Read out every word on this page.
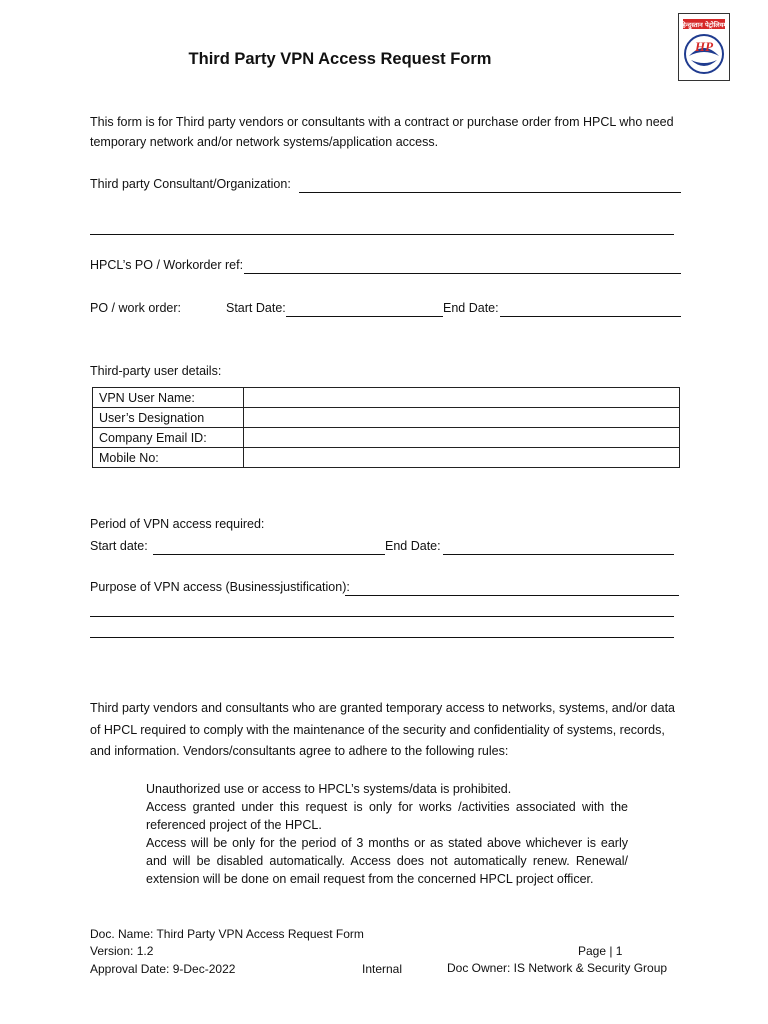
Third Party VPN Access Request Form
हिन्दुस्तान पेट्रोलियम
HP
This form is for Third party vendors or consultants with a contract or purchase order from HPCL who need temporary network and/or network systems/application access.
Third party Consultant/Organization:
HPCL’s PO / Workorder ref:
PO / work order:	Start Date:	End Date:
Third-party user details:
VPN User Name:	
User’s Designation	
Company Email ID:	
Mobile No:	
Period of VPN access required:
Start date:	End Date:
Purpose of VPN access (Businessjustification):
Third party vendors and consultants who are granted temporary access to networks, systems, and/or data of HPCL required to comply with the maintenance of the security and confidentiality of systems, records, and information. Vendors/consultants agree to adhere to the following rules:
Unauthorized use or access to HPCL’s systems/data is prohibited.
Access granted under this request is only for works /activities associated with the referenced project of the HPCL.
Access will be only for the period of 3 months or as stated above whichever is early and will be disabled automatically. Access does not automatically renew. Renewal/ extension will be done on email request from the concerned HPCL project officer.
Doc. Name: Third Party VPN Access Request Form
Version: 1.2
Approval Date: 9-Dec-2022	Internal
Page | 1
Doc Owner: IS Network & Security Group
